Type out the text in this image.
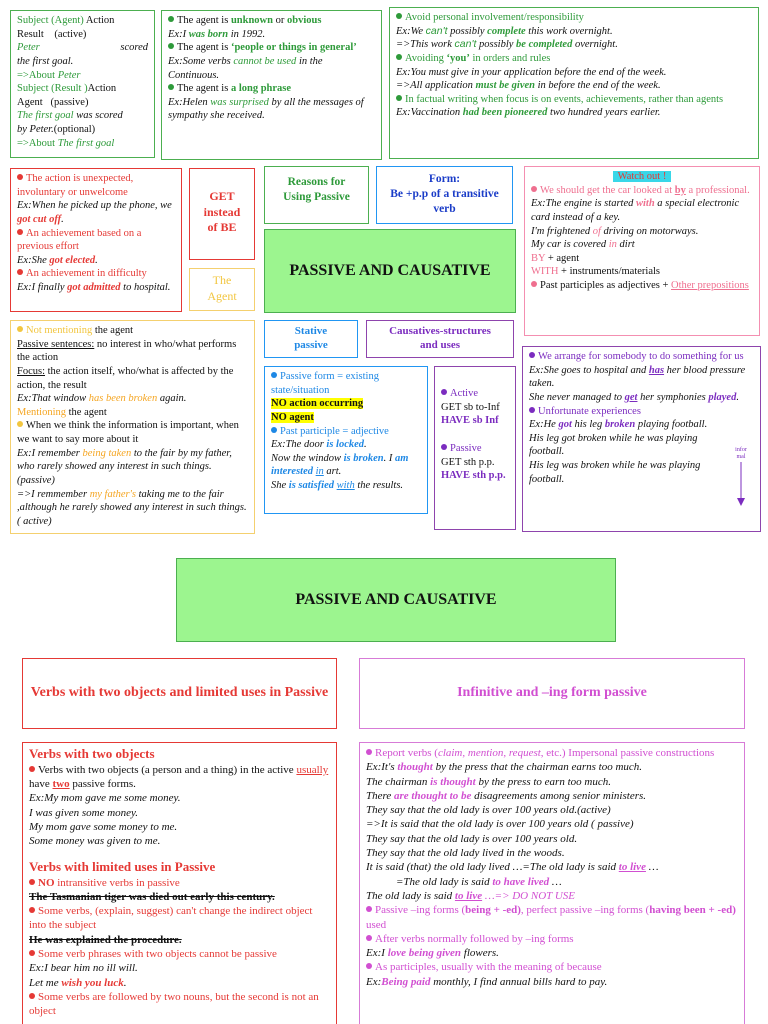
Subject (Agent) Action

Result (active)

Peter	scored

the first goal.

=>About Peter

Subject (Result )Action

Agent (passive)

The first goal was scored

by Peter.(optional)

=>About The first goal

The agent is unknown or obvious

Ex:I was born in 1992.

The agent is ‘people or things in general’

Ex:Some verbs cannot be used in the Continuous.

The agent is a long phrase

Ex:Helen was surprised by all the messages of sympathy she received.

Avoid personal involvement/responsibility

Ex:We can't possibly complete this work overnight.

=>This work can't possibly be completed overnight.

Avoiding ‘you’ in orders and rules

Ex:You must give in your application before the end of the week.

=>All application must be given in before the end of the week.

In factual writing when focus is on events, achievements, rather than agents

Ex:Vaccination had been pioneered two hundred years earlier.

The action is unexpected, involuntary or unwelcome

Ex:When he picked up the phone, we got cut off.

An achievement based on a previous effort

Ex:She got elected.

An achievement in difficulty

Ex:I finally got admitted to hospital.

GET

instead

of BE

The

Agent

Reasons for

Using Passive

Form:

Be +p.p of a transitive verb

PASSIVE AND CAUSATIVE
Watch out !

We should get the car looked at by a professional.

Ex:The engine is started with a special electronic card instead of a key.

I'm frightened of driving on motorways.

My car is covered in dirt

BY + agent

WITH + instruments/materials

Past participles as adjectives + Other prepositions

Not mentioning the agent

Passive sentences: no interest in who/what performs the action

Focus: the action itself, who/what is affected by the action, the result

Ex:That window has been broken again.

Mentioning the agent

When we think the information is important, when we want to say more about it

Ex:I remember being taken to the fair by my father, who rarely showed any interest in such things.(passive)

=>I remmember my father's taking me to the fair ,although he rarely showed any interest in such things.( active)

Stative

passive

Causatives-structures

and uses

Passive form = existing state/situation

NO action occurring

NO agent

Past participle = adjective

Ex:The door is locked.

Now the window is broken. I am interested in art.

She is satisfied with the results.

Active

GET sb to-Inf

HAVE sb Inf

Passive

GET sth p.p.

HAVE sth p.p.

We arrange for somebody to do something for us

Ex:She goes to hospital and has her blood pressure taken.

She never managed to get her symphonies played.

Unfortunate experiences

Ex:He got his leg broken playing football.

His leg got broken while he was playing football.

His leg was broken while he was playing football.

infor mal
PASSIVE AND CAUSATIVE
Verbs with two objects and limited uses in Passive	Infinitive and –ing form passive

Verbs with two objects

Verbs with two objects (a person and a thing) in the active usually have two passive forms.

Ex:My mom gave me some money.

I was given some money.

My mom gave some money to me.

Some money was given to me.

Verbs with limited uses in Passive

NO intransitive verbs in passive

The Tasmanian tiger was died out early this century.

Some verbs, (explain, suggest) can't change the indirect object into the subject

He was explained the procedure.

Some verb phrases with two objects cannot be passive

Ex:I bear him no ill will.

Let me wish you luck.

Some verbs are followed by two nouns, but the second is not an object

Report verbs (claim, mention, request, etc.) Impersonal passive constructions

Ex:It's thought by the press that the chairman earns too much.

The chairman is thought by the press to earn too much.

There are thought to be disagreements among senior ministers.

They say that the old lady is over 100 years old.(active)

=>It is said that the old lady is over 100 years old ( passive)

They say that the old lady is over 100 years old.

They say that the old lady lived in the woods.

It is said (that) the old lady lived …=The old lady is said to live …

=The old lady is said to have lived …

The old lady is said to live …=> DO NOT USE

Passive –ing forms (being + -ed), perfect passive –ing forms (having been + -ed) used

After verbs normally followed by –ing forms

Ex:I love being given flowers.

As participles, usually with the meaning of because

Ex:Being paid monthly, I find annual bills hard to pay.
